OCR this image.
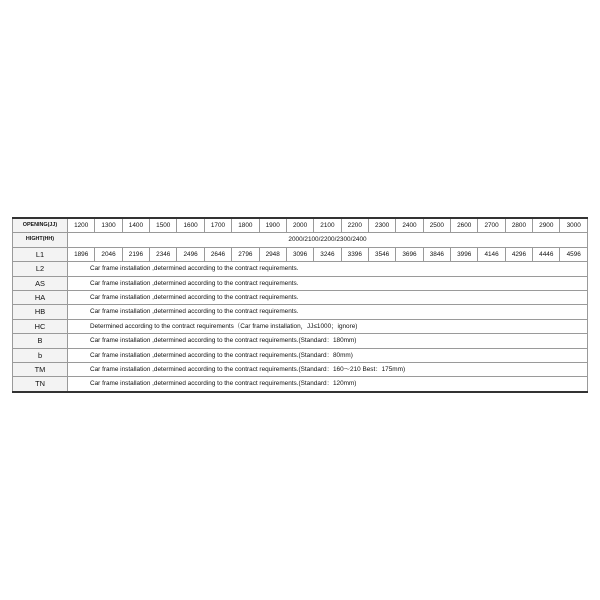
OPENING(JJ)	1200	1300	1400	1500	1600	1700	1800	1900	2000	2100	2200	2300	2400	2500	2600	2700	2800	2900	3000
HIGHT(HH)	2000/2100/2200/2300/2400																		
L1	1896	2046	2196	2346	2496	2646	2796	2948	3096	3246	3396	3546	3696	3846	3996	4146	4296	4446	4596
L2	Car frame installation ,determined according to the contract requirements.																		
AS	Car frame installation ,determined according to the contract requirements.																		
HA	Car frame installation ,determined according to the contract requirements.																		
HB	Car frame installation ,determined according to the contract requirements.																		
HC	Determined according to the contract requirements（Car frame installation，JJ≤1000；ignore)																		
B	Car frame installation ,determined according to the contract requirements.(Standard：180mm)																		
b	Car frame installation ,determined according to the contract requirements.(Standard：80mm)																		
TM	Car frame installation ,determined according to the contract requirements.(Standard：160～210 Best：175mm)																		
TN	Car frame installation ,determined according to the contract requirements.(Standard：120mm)																		
